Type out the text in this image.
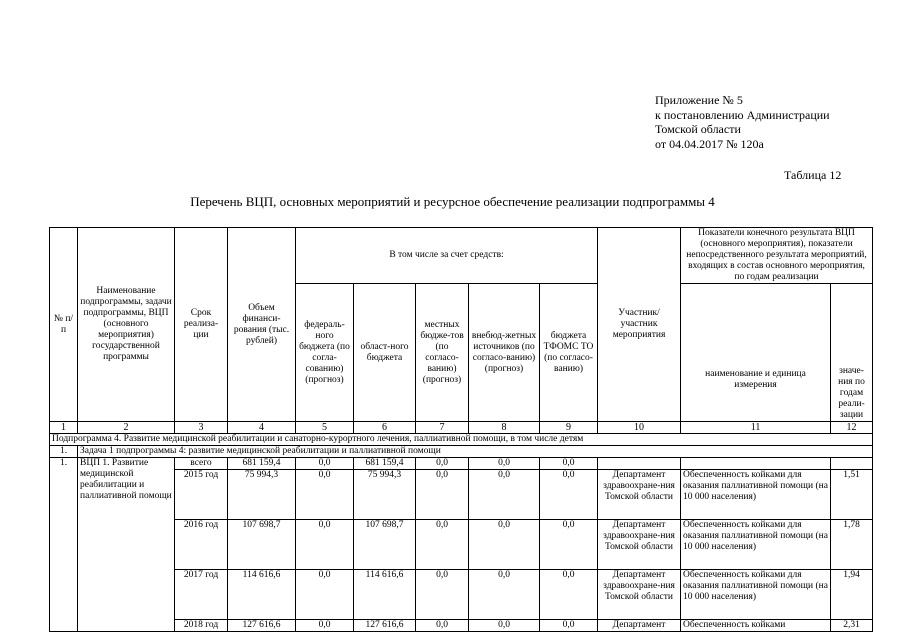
Приложение № 5
к постановлению Администрации
Томской области
от 04.04.2017 № 120а
Таблица 12
Перечень ВЦП, основных мероприятий и ресурсное обеспечение реализации подпрограммы 4
№ п/п	Наименование подпрограммы, задачи подпрограммы, ВЦП (основного мероприятия) государственной программы	Срок реализа-ции	Объем финанси-рования (тыс. рублей)	В том числе за счет средств:					Участник/ участник мероприятия	Показатели конечного результата ВЦП (основного мероприятия), показатели непосредственного результата мероприятий, входящих в состав основного мероприятия, по годам реализации	
				федераль-ного бюджета (по согла-сованию) (прогноз)	област-ного бюджета	местных бюдже-тов (по согласо-ванию) (прогноз)	внебюд-жетных источников (по согласо-ванию) (прогноз)	бюджета ТФОМС ТО (по согласо-ванию)		наименование и единица измерения	значе-ния по годам реали-зации
1	2	3	4	5	6	7	8	9	10	11	12
Подпрограмма 4. Развитие медицинской реабилитации и санаторно-курортного лечения, паллиативной помощи, в том числе детям											
1.	Задача 1 подпрограммы 4: развитие медицинской реабилитации и паллиативной помощи										
1.	ВЦП 1. Развитие медицинской реабилитации и паллиативной помощи	всего	681 159,4	0,0	681 159,4	0,0	0,0	0,0			
		2015 год	75 994,3	0,0	75 994,3	0,0	0,0	0,0	Департамент здравоохране-ния Томской области	Обеспеченность койками для оказания паллиативной помощи (на 10 000 населения)	1,51
		2016 год	107 698,7	0,0	107 698,7	0,0	0,0	0,0	Департамент здравоохране-ния Томской области	Обеспеченность койками для оказания паллиативной помощи (на 10 000 населения)	1,78
		2017 год	114 616,6	0,0	114 616,6	0,0	0,0	0,0	Департамент здравоохране-ния Томской области	Обеспеченность койками для оказания паллиативной помощи (на 10 000 населения)	1,94
		2018 год	127 616,6	0,0	127 616,6	0,0	0,0	0,0	Департамент	Обеспеченность койками	2,31
